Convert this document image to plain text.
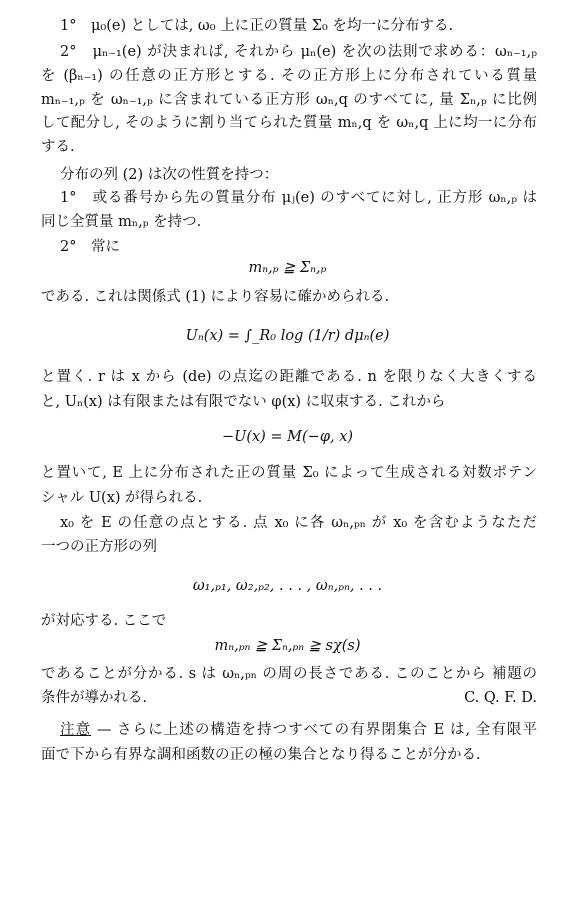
1°　μ₀(e) としては, ω₀ 上に正の質量 Σ₀ を均一に分布する.
2°　μₙ₋₁(e) が決まれば, それから μₙ(e) を次の法則で求める：ωₙ₋₁,ₚ
を (βₙ₋₁) の任意の正方形とする. その正方形上に分布されている質量
mₙ₋₁,ₚ を ωₙ₋₁,ₚ に含まれている正方形 ωₙ,q のすべてに, 量 Σₙ,ₚ に比例
して配分し, そのように割り当てられた質量 mₙ,q を ωₙ,q 上に均一に分布
する.
分布の列 (2) は次の性質を持つ：
1°　或る番号から先の質量分布 μⱼ(e) のすべてに対し, 正方形 ωₙ,ₚ は
同じ全質量 mₙ,ₚ を持つ.
2°　常に
mₙ,ₚ ≧ Σₙ,ₚ
である. これは関係式 (1) により容易に確かめられる.
Uₙ(x) = ∫_R₀ log (1/r) dμₙ(e)
と置く. r は x から (de) の点迄の距離である. n を限りなく大きくする
と, Uₙ(x) は有限または有限でない φ(x) に収束する. これから
−U(x) = M(−φ, x)
と置いて, E 上に分布された正の質量 Σ₀ によって生成される対数ポテン
シャル U(x) が得られる.
x₀ を E の任意の点とする. 点 x₀ に各 ωₙ,ₚₙ が x₀ を含むようなただ
一つの正方形の列
ω₁,ₚ₁, ω₂,ₚ₂, . . . , ωₙ,ₚₙ, . . .
が対応する. ここで
mₙ,ₚₙ ≧ Σₙ,ₚₙ ≧ sχ(s)
であることが分かる. s は ωₙ,ₚₙ の周の長さである. このことから 補題の
条件が導かれる.	C. Q. F. D.
注意 — さらに上述の構造を持つすべての有界閉集合 E は, 全有限平
面で下から有界な調和函数の正の極の集合となり得ることが分かる.
